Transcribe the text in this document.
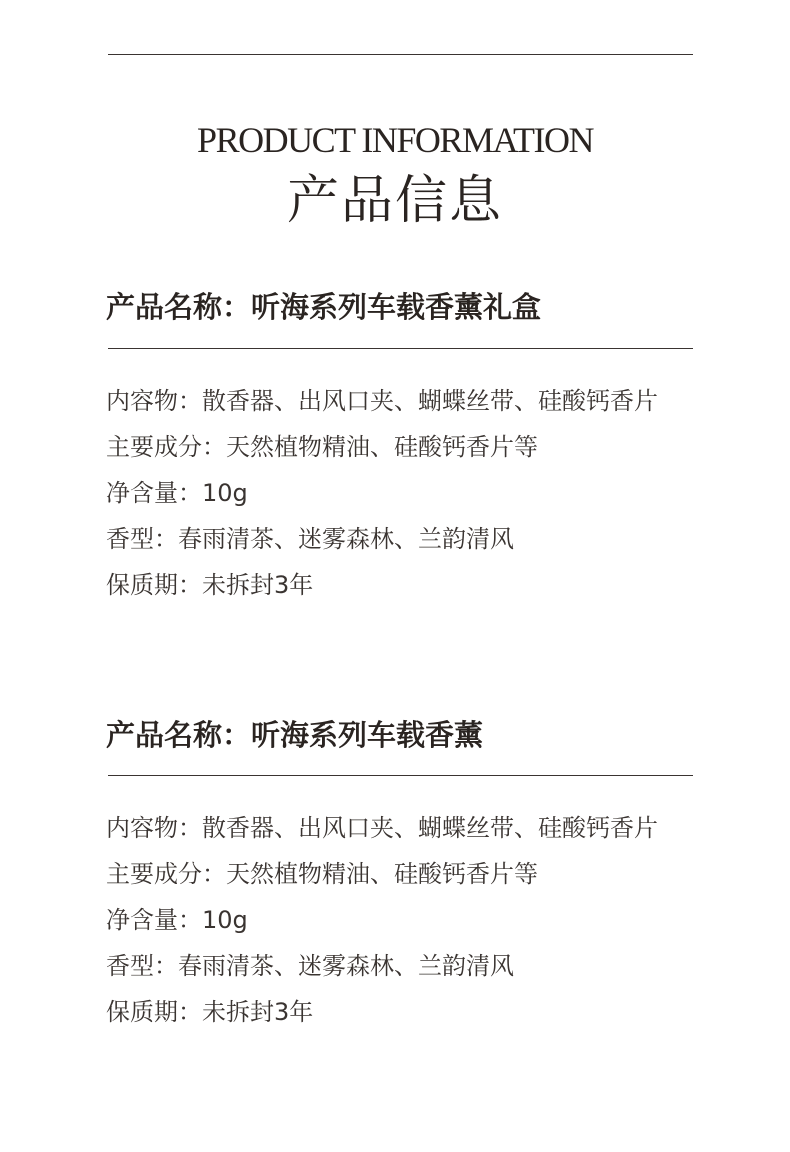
PRODUCT INFORMATION
产品信息
产品名称：听海系列车载香薰礼盒
内容物：散香器、出风口夹、蝴蝶丝带、硅酸钙香片
主要成分：天然植物精油、硅酸钙香片等
净含量：10g
香型：春雨清茶、迷雾森林、兰韵清风
保质期：未拆封3年
产品名称：听海系列车载香薰
内容物：散香器、出风口夹、蝴蝶丝带、硅酸钙香片
主要成分：天然植物精油、硅酸钙香片等
净含量：10g
香型：春雨清茶、迷雾森林、兰韵清风
保质期：未拆封3年
